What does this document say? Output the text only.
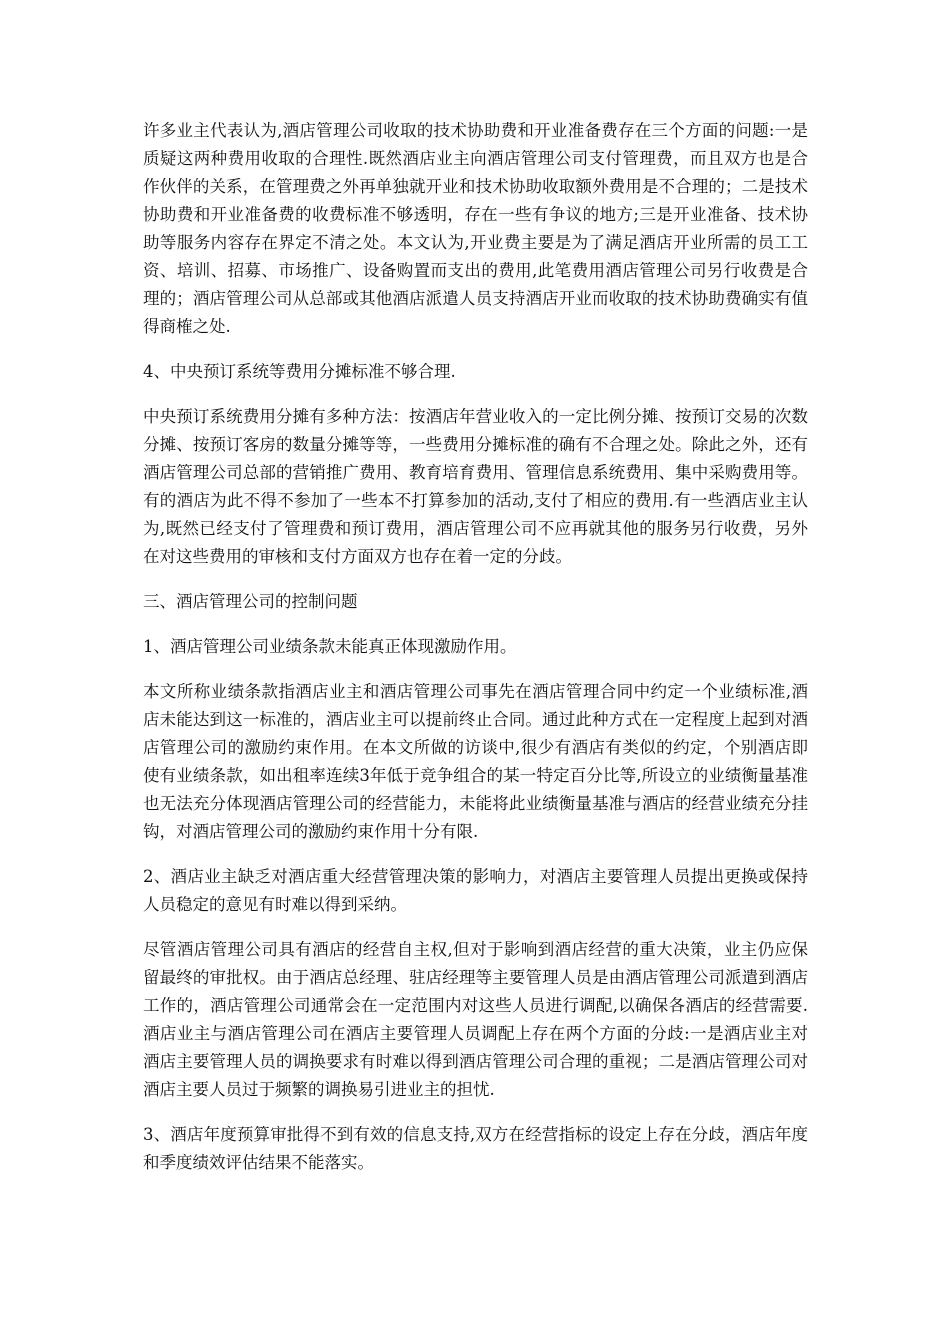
许多业主代表认为,酒店管理公司收取的技术协助费和开业准备费存在三个方面的问题:一是质疑这两种费用收取的合理性.既然酒店业主向酒店管理公司支付管理费，而且双方也是合作伙伴的关系，在管理费之外再单独就开业和技术协助收取额外费用是不合理的；二是技术协助费和开业准备费的收费标准不够透明，存在一些有争议的地方;三是开业准备、技术协助等服务内容存在界定不清之处。本文认为,开业费主要是为了满足酒店开业所需的员工工资、培训、招募、市场推广、设备购置而支出的费用,此笔费用酒店管理公司另行收费是合理的；酒店管理公司从总部或其他酒店派遣人员支持酒店开业而收取的技术协助费确实有值得商榷之处.

4、中央预订系统等费用分摊标准不够合理.

中央预订系统费用分摊有多种方法：按酒店年营业收入的一定比例分摊、按预订交易的次数分摊、按预订客房的数量分摊等等，一些费用分摊标准的确有不合理之处。除此之外，还有酒店管理公司总部的营销推广费用、教育培育费用、管理信息系统费用、集中采购费用等。有的酒店为此不得不参加了一些本不打算参加的活动,支付了相应的费用.有一些酒店业主认为,既然已经支付了管理费和预订费用，酒店管理公司不应再就其他的服务另行收费，另外在对这些费用的审核和支付方面双方也存在着一定的分歧。

三、酒店管理公司的控制问题

1、酒店管理公司业绩条款未能真正体现激励作用。

本文所称业绩条款指酒店业主和酒店管理公司事先在酒店管理合同中约定一个业绩标准,酒店未能达到这一标准的，酒店业主可以提前终止合同。通过此种方式在一定程度上起到对酒店管理公司的激励约束作用。在本文所做的访谈中,很少有酒店有类似的约定，个别酒店即使有业绩条款，如出租率连续3年低于竞争组合的某一特定百分比等,所设立的业绩衡量基准也无法充分体现酒店管理公司的经营能力，未能将此业绩衡量基准与酒店的经营业绩充分挂钩，对酒店管理公司的激励约束作用十分有限.

2、酒店业主缺乏对酒店重大经营管理决策的影响力，对酒店主要管理人员提出更换或保持人员稳定的意见有时难以得到采纳。

尽管酒店管理公司具有酒店的经营自主权,但对于影响到酒店经营的重大决策，业主仍应保留最终的审批权。由于酒店总经理、驻店经理等主要管理人员是由酒店管理公司派遣到酒店工作的，酒店管理公司通常会在一定范围内对这些人员进行调配,以确保各酒店的经营需要.酒店业主与酒店管理公司在酒店主要管理人员调配上存在两个方面的分歧:一是酒店业主对酒店主要管理人员的调换要求有时难以得到酒店管理公司合理的重视；二是酒店管理公司对酒店主要人员过于频繁的调换易引进业主的担忧.

3、酒店年度预算审批得不到有效的信息支持,双方在经营指标的设定上存在分歧，酒店年度和季度绩效评估结果不能落实。
